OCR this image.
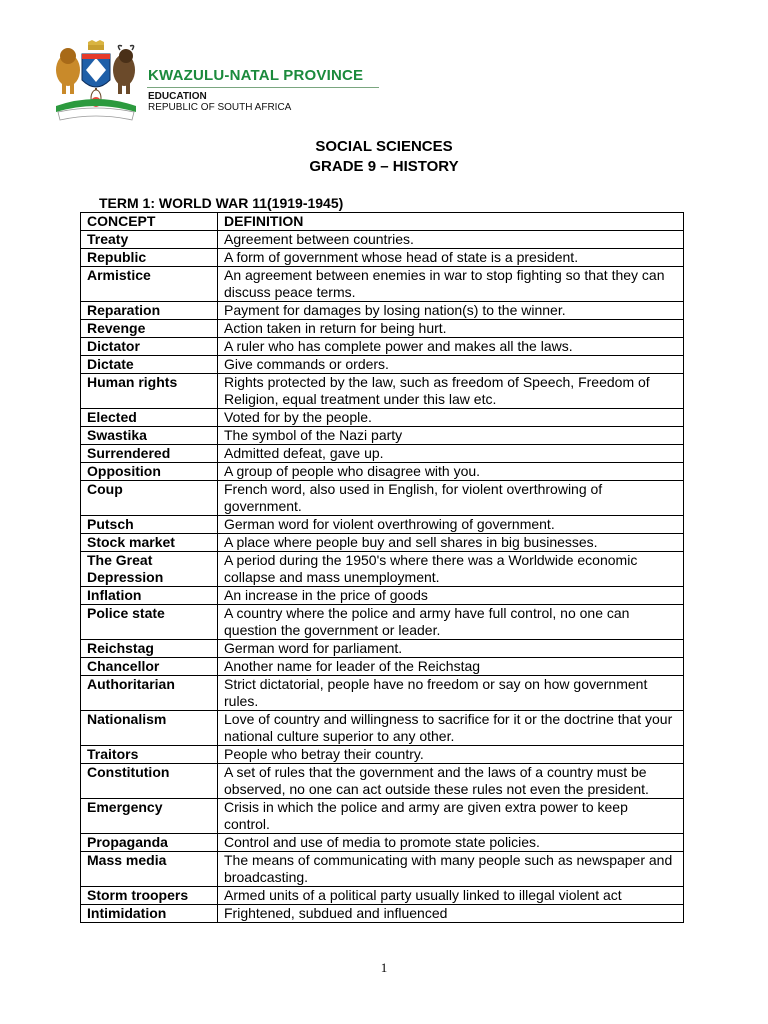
KWAZULU-NATAL PROVINCE
EDUCATION
REPUBLIC OF SOUTH AFRICA
SOCIAL SCIENCES
GRADE 9 – HISTORY
TERM 1: WORLD WAR 11(1919-1945)
CONCEPT	DEFINITION
Treaty	Agreement between countries.
Republic	A form of government whose head of state is a president.
Armistice	An agreement between enemies in war to stop fighting so that they can discuss peace terms.
Reparation	Payment for damages by losing nation(s) to the winner.
Revenge	Action taken in return for being hurt.
Dictator	A ruler who has complete power and makes all the laws.
Dictate	Give commands or orders.
Human rights	Rights protected by the law, such as freedom of Speech, Freedom of Religion, equal treatment under this law etc.
Elected	Voted for by the people.
Swastika	The symbol of the Nazi party
Surrendered	Admitted defeat, gave up.
Opposition	A group of people who disagree with you.
Coup	French word, also used in English, for violent overthrowing of government.
Putsch	German word for violent overthrowing of government.
Stock market	A place where people buy and sell shares in big businesses.
The Great Depression	A period during the 1950's where there was a Worldwide economic collapse and mass unemployment.
Inflation	An increase in the price of goods
Police state	A country where the police and army have full control, no one can question the government or leader.
Reichstag	German word for parliament.
Chancellor	Another name for leader of the Reichstag
Authoritarian	Strict dictatorial, people have no freedom or say on how government rules.
Nationalism	Love of country and willingness to sacrifice for it or the doctrine that your national culture superior to any other.
Traitors	People who betray their country.
Constitution	A set of rules that the government and the laws of a country must be observed, no one can act outside these rules not even the president.
Emergency	Crisis in which the police and army are given extra power to keep control.
Propaganda	Control and use of media to promote state policies.
Mass media	The means of communicating with many people such as newspaper and broadcasting.
Storm troopers	Armed units of a political party usually linked to illegal violent act
Intimidation	Frightened, subdued and influenced
1
